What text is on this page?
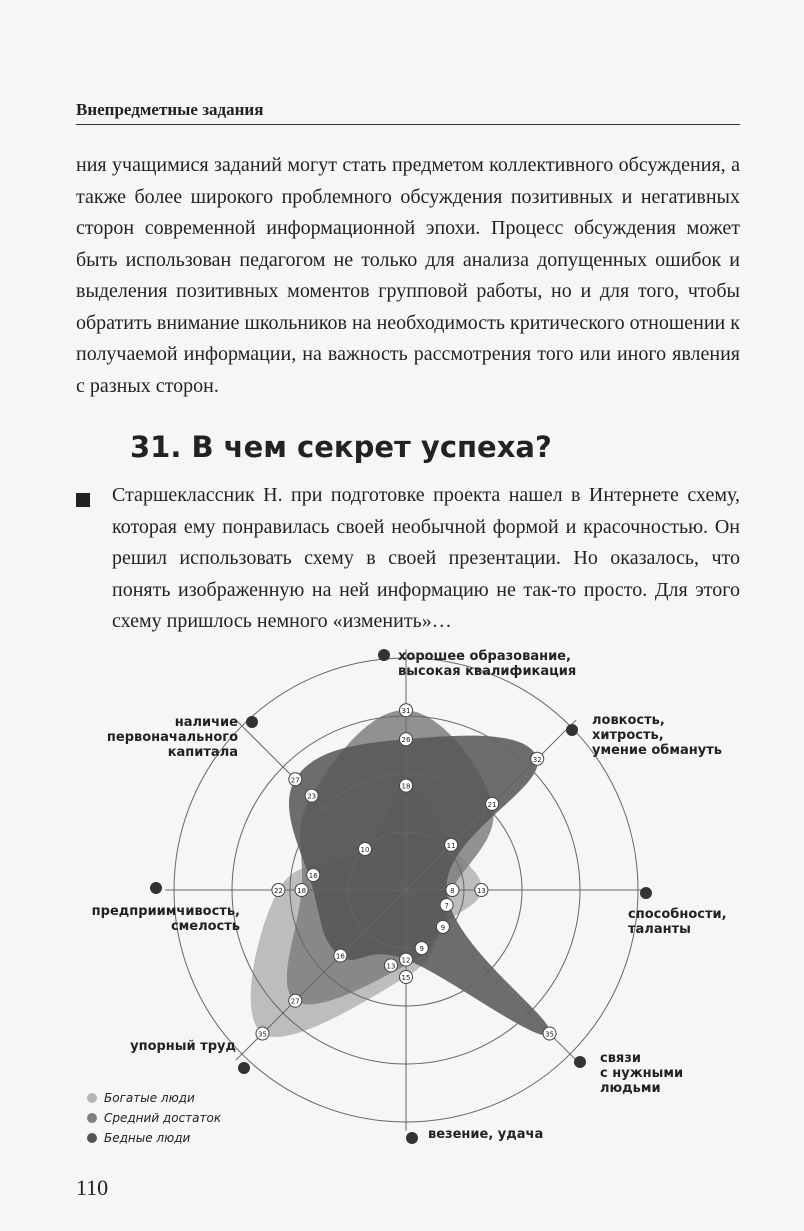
Внепредметные задания
ния учащимися заданий могут стать предметом коллективного обсуждения, а также более широкого проблемного обсуждения позитивных и негативных сторон современной информационной эпохи. Процесс обсуждения может быть использован педагогом не только для анализа допущенных ошибок и выделения позитивных моментов групповой работы, но и для того, чтобы обратить внимание школьников на необходимость критического отношении к получаемой информации, на важность рассмотрения того или иного явления с разных сторон.
31. В чем секрет успеха?
Старшеклассник Н. при подготовке проекта нашел в Интернете схему, которая ему понравилась своей необычной формой и красочностью. Он решил использовать схему в своей презентации. Но оказалось, что понять изображенную на ней информацию не так-то просто. Для этого схему пришлось немного «изменить»…
18
11
13
9
15
35
22
10
31
21
8
9
13
27
18
23
26
32
7
35
12
16
16
27
хорошее образование,
высокая квалификация
ловкость,
хитрость,
умение обмануть
способности,
таланты
связи
с нужными
людьми
везение, удача
упорный труд
предприимчивость,
смелость
наличие
первоначального
капитала
Богатые люди
Средний достаток
Бедные люди
110
